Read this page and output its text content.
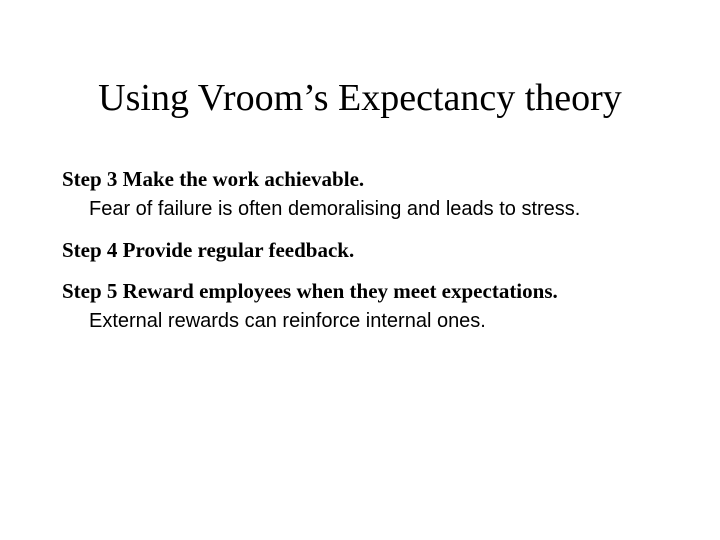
Using Vroom’s Expectancy theory
Step 3 Make the work achievable.
Fear of failure is often demoralising and leads to stress.
Step 4 Provide regular feedback.
Step 5 Reward employees when they meet expectations.
External rewards can reinforce internal ones.
